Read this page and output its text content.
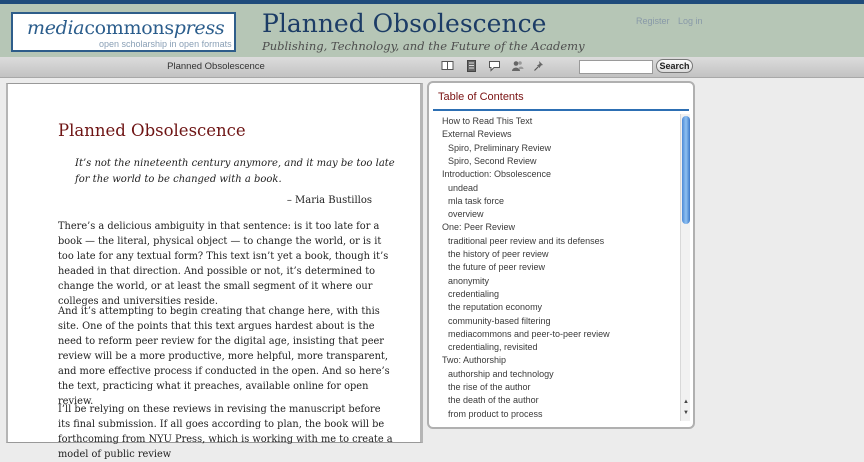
mediacommonspress
open scholarship in open formats
Planned Obsolescence
Publishing, Technology, and the Future of the Academy
Register Log in
Planned Obsolescence	Search
Planned Obsolescence
It’s not the nineteenth century anymore, and it may be too late for the world to be changed with a book.
– Maria Bustillos
There’s a delicious ambiguity in that sentence: is it too late for a book — the literal, physical object — to change the world, or is it too late for any textual form? This text isn’t yet a book, though it’s headed in that direction. And possible or not, it’s determined to change the world, or at least the small segment of it where our colleges and universities reside.
And it’s attempting to begin creating that change here, with this site. One of the points that this text argues hardest about is the need to reform peer review for the digital age, insisting that peer review will be a more productive, more helpful, more transparent, and more effective process if conducted in the open. And so here’s the text, practicing what it preaches, available online for open review.
I’ll be relying on these reviews in revising the manuscript before its final submission. If all goes according to plan, the book will be forthcoming from NYU Press, which is working with me to create a model of public review
Table of Contents
How to Read This Text
External Reviews
Spiro, Preliminary Review
Spiro, Second Review
Introduction: Obsolescence
undead
mla task force
overview
One: Peer Review
traditional peer review and its defenses
the history of peer review
the future of peer review
anonymity
credentialing
the reputation economy
community-based filtering
mediacommons and peer-to-peer review
credentialing, revisited
Two: Authorship
authorship and technology
the rise of the author
the death of the author
from product to process
▲
▼
